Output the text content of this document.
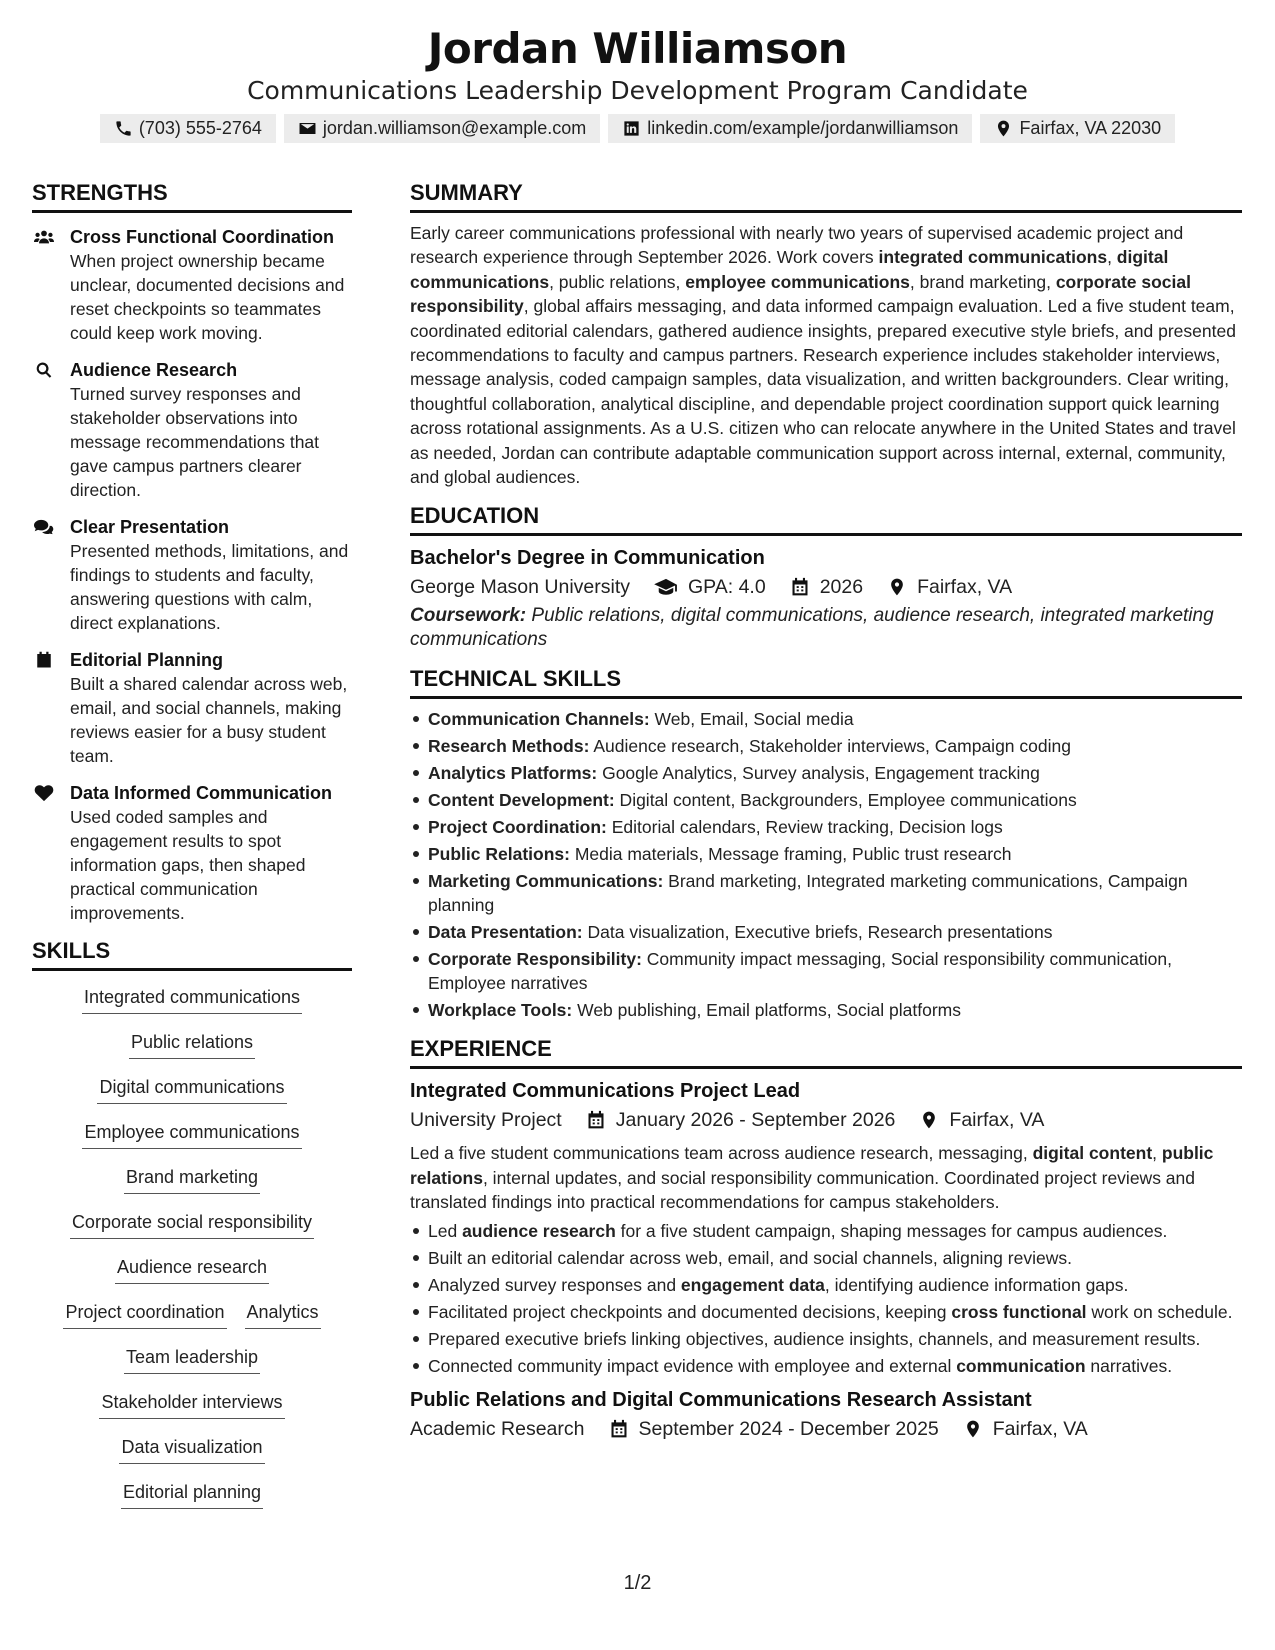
Jordan Williamson
Communications Leadership Development Program Candidate
(703) 555-2764	jordan.williamson@example.com	linkedin.com/example/jordanwilliamson	Fairfax, VA 22030
STRENGTHS
Cross Functional Coordination
When project ownership became unclear, documented decisions and reset checkpoints so teammates could keep work moving.
Audience Research
Turned survey responses and stakeholder observations into message recommendations that gave campus partners clearer direction.
Clear Presentation
Presented methods, limitations, and findings to students and faculty, answering questions with calm, direct explanations.
Editorial Planning
Built a shared calendar across web, email, and social channels, making reviews easier for a busy student team.
Data Informed Communication
Used coded samples and engagement results to spot information gaps, then shaped practical communication improvements.
SKILLS
Integrated communications
Public relations
Digital communications
Employee communications
Brand marketing
Corporate social responsibility
Audience research
Project coordination Analytics
Team leadership
Stakeholder interviews
Data visualization
Editorial planning
SUMMARY
Early career communications professional with nearly two years of supervised academic project and research experience through September 2026. Work covers integrated communications, digital communications, public relations, employee communications, brand marketing, corporate social responsibility, global affairs messaging, and data informed campaign evaluation. Led a five student team, coordinated editorial calendars, gathered audience insights, prepared executive style briefs, and presented recommendations to faculty and campus partners. Research experience includes stakeholder interviews, message analysis, coded campaign samples, data visualization, and written backgrounders. Clear writing, thoughtful collaboration, analytical discipline, and dependable project coordination support quick learning across rotational assignments. As a U.S. citizen who can relocate anywhere in the United States and travel as needed, Jordan can contribute adaptable communication support across internal, external, community, and global audiences.
EDUCATION
Bachelor's Degree in Communication
George Mason University	GPA: 4.0	2026	Fairfax, VA
Coursework: Public relations, digital communications, audience research, integrated marketing communications
TECHNICAL SKILLS
Communication Channels: Web, Email, Social media
Research Methods: Audience research, Stakeholder interviews, Campaign coding
Analytics Platforms: Google Analytics, Survey analysis, Engagement tracking
Content Development: Digital content, Backgrounders, Employee communications
Project Coordination: Editorial calendars, Review tracking, Decision logs
Public Relations: Media materials, Message framing, Public trust research
Marketing Communications: Brand marketing, Integrated marketing communications, Campaign planning
Data Presentation: Data visualization, Executive briefs, Research presentations
Corporate Responsibility: Community impact messaging, Social responsibility communication, Employee narratives
Workplace Tools: Web publishing, Email platforms, Social platforms
EXPERIENCE
Integrated Communications Project Lead
University Project	January 2026 - September 2026	Fairfax, VA
Led a five student communications team across audience research, messaging, digital content, public relations, internal updates, and social responsibility communication. Coordinated project reviews and translated findings into practical recommendations for campus stakeholders.
Led audience research for a five student campaign, shaping messages for campus audiences.
Built an editorial calendar across web, email, and social channels, aligning reviews.
Analyzed survey responses and engagement data, identifying audience information gaps.
Facilitated project checkpoints and documented decisions, keeping cross functional work on schedule.
Prepared executive briefs linking objectives, audience insights, channels, and measurement results.
Connected community impact evidence with employee and external communication narratives.
Public Relations and Digital Communications Research Assistant
Academic Research	September 2024 - December 2025	Fairfax, VA
1/2
